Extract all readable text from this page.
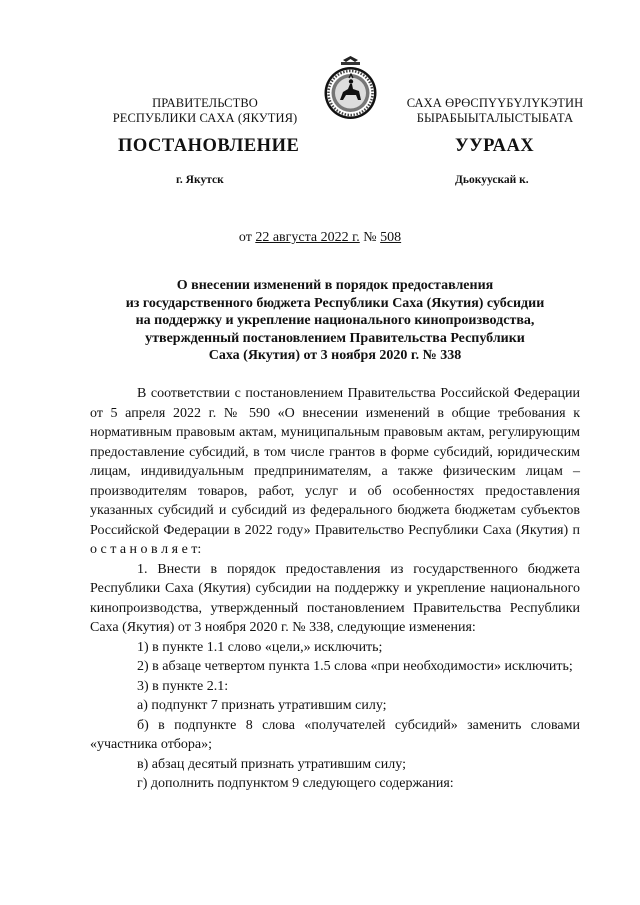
ПРАВИТЕЛЬСТВО
РЕСПУБЛИКИ САХА (ЯКУТИЯ)
САХА ӨРӨСПҮҮБҮЛҮКЭТИН
БЫРАБЫЫТАЛЫСТЫБАТА
ПОСТАНОВЛЕНИЕ	УУРААХ
г. Якутск	Дьокуускай к.
от 22 августа 2022 г. № 508
О внесении изменений в порядок предоставления
из государственного бюджета Республики Саха (Якутия) субсидии
на поддержку и укрепление национального кинопроизводства,
утвержденный постановлением Правительства Республики
Саха (Якутия) от 3 ноября 2020 г. № 338

В соответствии с постановлением Правительства Российской Федерации от 5 апреля 2022 г. № 590 «О внесении изменений в общие требования к нормативным правовым актам, муниципальным правовым актам, регулирующим предоставление субсидий, в том числе грантов в форме субсидий, юридическим лицам, индивидуальным предпринимателям, а также физическим лицам – производителям товаров, работ, услуг и об особенностях предоставления указанных субсидий и субсидий из федерального бюджета бюджетам субъектов Российской Федерации в 2022 году» Правительство Республики Саха (Якутия) п о с т а н о в л я е т:

1. Внести в порядок предоставления из государственного бюджета Республики Саха (Якутия) субсидии на поддержку и укрепление национального кинопроизводства, утвержденный постановлением Правительства Республики Саха (Якутия) от 3 ноября 2020 г. № 338, следующие изменения:

1) в пункте 1.1 слово «цели,» исключить;

2) в абзаце четвертом пункта 1.5 слова «при необходимости» исключить;

3) в пункте 2.1:

а) подпункт 7 признать утратившим силу;

б) в подпункте 8 слова «получателей субсидий» заменить словами «участника отбора»;

в) абзац десятый признать утратившим силу;

г) дополнить подпунктом 9 следующего содержания:
